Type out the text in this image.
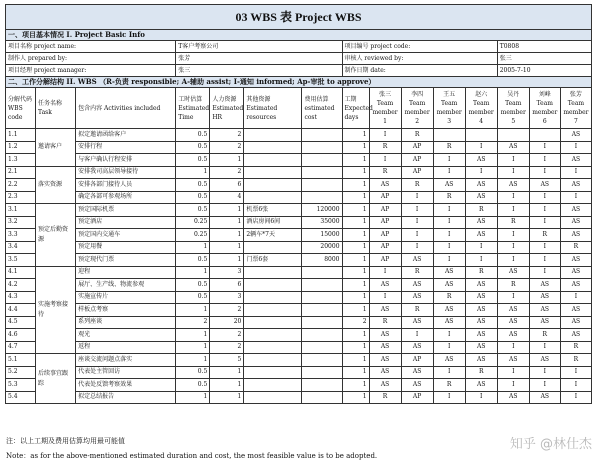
03 WBS 表 Project WBS														
一、项目基本情况 I. Project Basic Info														
项目名称 project name:			T客户考察公司				项目编号 project code:					T0808		
制作人 prepared by:			张芳				审核人 reviewed by:					张三		
项目经理 project manager:			张三				制作日期 date:					2005-7-10		
二、工作分解结构 II. WBS （R-负责 responsible; A-辅助 assist; I-通知 informed; Ap-审批 to approve）														
分解代码WBS code	任务名称 Task	包含内容 Activities included	工时估算 Estimated Time	人力资源 Estimated HR	其他资源 Estimated resources	费用估算 estimated cost	工期 Expected days	张三 Team member 1	李四 Team member 2	王五 Team member 3	赵六 Team member 4	吴丹 Team member 5	刘峰 Team member 6	张芳 Team member 7
1.1	邀请客户	拟定邀请函给客户	0.5	2			1	I	R					AS
1.2		安排行程	0.5	2			1	R	AP	R	I	AS	I	I
1.3		与客户确认行程安排	0.5	1			1	I	AP	I	AS	I	I	AS
2.1	落实资源	安排我司高层领导接待	1	2			1	R	AP	I	I	I	I	I
2.2		安排各部门接待人员	0.5	6			1	AS	R	AS	AS	AS	AS	AS
2.3		确定各部可参观场所	0.5	4			1	AP	I	R	AS	I	I	I
3.1	预定后勤资源	预定国际机票	0.5	1	机票6张	120000	1	AP	I	I	R	I	I	AS
3.2		预定酒店	0.25	1	酒店房间6间	35000	1	AP	I	I	AS	R	I	AS
3.3		预定国内交通车	0.25	1	2辆车*7天	15000	1	AP	I	I	AS	I	R	AS
3.4		预定用餐	1	1		20000	1	AP	I	I	I	I	I	R
3.5		预定现代门票	0.5	1	门票6套	8000	1	AP	AS	I	I	I	I	AS
4.1	实施考察接待	迎程	1	3			1	I	R	AS	R	AS	I	AS
4.2		展厅、生产线、物流参观	0.5	6			1	AS	AS	AS	AS	R	AS	AS
4.3		实施宣传片	0.5	3			1	I	AS	R	AS	I	AS	I
4.4		样板点考察	1	2			1	AS	R	AS	AS	AS	AS	AS
4.5		系列座谈	2	20			2	R	AS	AS	AS	AS	AS	AS
4.6		观光	1	2			1	AS	I	I	AS	AS	R	AS
4.7		返程	1	2			1	AS	AS	I	AS	I	I	R
5.1	后续事宜跟踪	座谈交流问题点落实	1	5			1	AS	AP	AS	AS	AS	AS	R
5.2		代表处主管回访	0.5	1			1	AS	AS	I	R	I	I	I
5.3		代表处反馈考察效果	0.5	1			1	AS	AS	R	AS	I	I	I
5.4		拟定总结报告	1	1			1	R	AP	I	I	AS	AS	I
注：以上工期及费用估算均用最可能值
Note：as for the above-mentioned estimated duration and cost, the most feasible value is to be adopted.
知乎 @林仕杰
